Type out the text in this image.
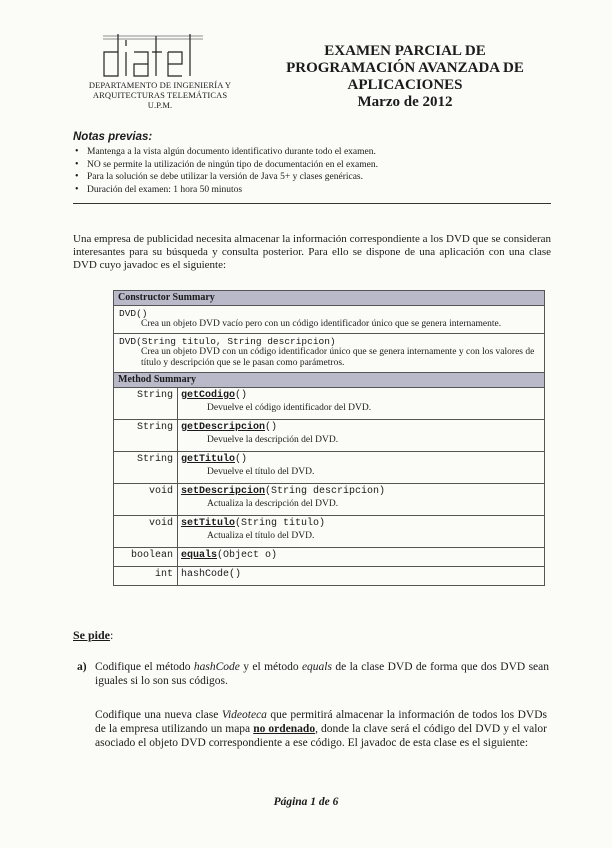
DEPARTAMENTO DE INGENIERÍA Y
ARQUITECTURAS TELEMÁTICAS
U.P.M.
EXAMEN PARCIAL DE
PROGRAMACIÓN AVANZADA DE
APLICACIONES
Marzo de 2012
Notas previas:
• Mantenga a la vista algún documento identificativo durante todo el examen.
• NO se permite la utilización de ningún tipo de documentación en el examen.
• Para la solución se debe utilizar la versión de Java 5+ y clases genéricas.
• Duración del examen: 1 hora 50 minutos

Una empresa de publicidad necesita almacenar la información correspondiente a los DVD que se consideran interesantes para su búsqueda y consulta posterior. Para ello se dispone de una aplicación con una clase DVD cuyo javadoc es el siguiente:

Constructor Summary
DVD()
Crea un objeto DVD vacío pero con un código identificador único que se genera internamente.
DVD(String titulo, String descripcion)
Crea un objeto DVD con un código identificador único que se genera internamente y con los valores de título y descripción que se le pasan como parámetros.
Method Summary
String getCodigo()
Devuelve el código identificador del DVD.
String getDescripcion()
Devuelve la descripción del DVD.
String getTitulo()
Devuelve el título del DVD.
void setDescripcion(String descripcion)
Actualiza la descripción del DVD.
void setTitulo(String titulo)
Actualiza el título del DVD.
boolean equals(Object o)
int hashCode()
Se pide:
a) Codifique el método hashCode y el método equals de la clase DVD de forma que dos DVD sean iguales si lo son sus códigos.
Codifique una nueva clase Videoteca que permitirá almacenar la información de todos los DVDs de la empresa utilizando un mapa no ordenado, donde la clave será el código del DVD y el valor asociado el objeto DVD correspondiente a ese código. El javadoc de esta clase es el siguiente:
Página 1 de 6
